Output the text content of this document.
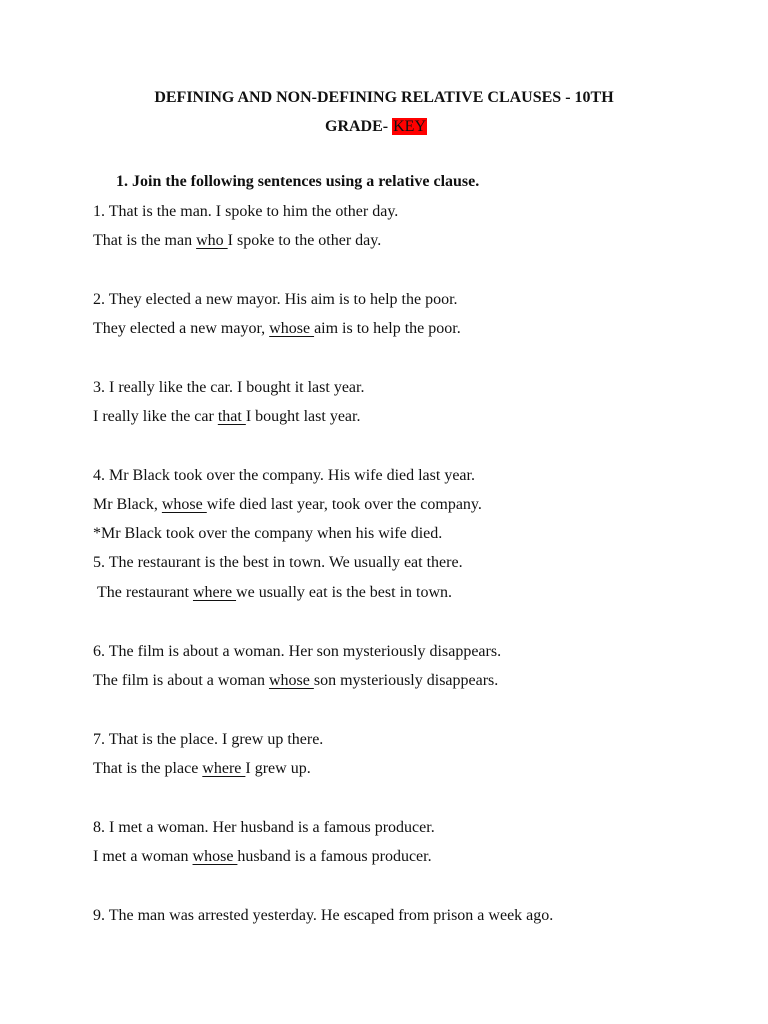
DEFINING AND NON-DEFINING RELATIVE CLAUSES - 10TH
GRADE- KEY
1. Join the following sentences using a relative clause.
1. That is the man. I spoke to him the other day.
That is the man who I spoke to the other day.
2. They elected a new mayor. His aim is to help the poor.
They elected a new mayor, whose aim is to help the poor.
3. I really like the car. I bought it last year.
I really like the car that I bought last year.
4. Mr Black took over the company. His wife died last year.
Mr Black, whose wife died last year, took over the company.
*Mr Black took over the company when his wife died.
5. The restaurant is the best in town. We usually eat there.
The restaurant where we usually eat is the best in town.
6. The film is about a woman. Her son mysteriously disappears.
The film is about a woman whose son mysteriously disappears.
7. That is the place. I grew up there.
That is the place where I grew up.
8. I met a woman. Her husband is a famous producer.
I met a woman whose husband is a famous producer.
9. The man was arrested yesterday. He escaped from prison a week ago.
